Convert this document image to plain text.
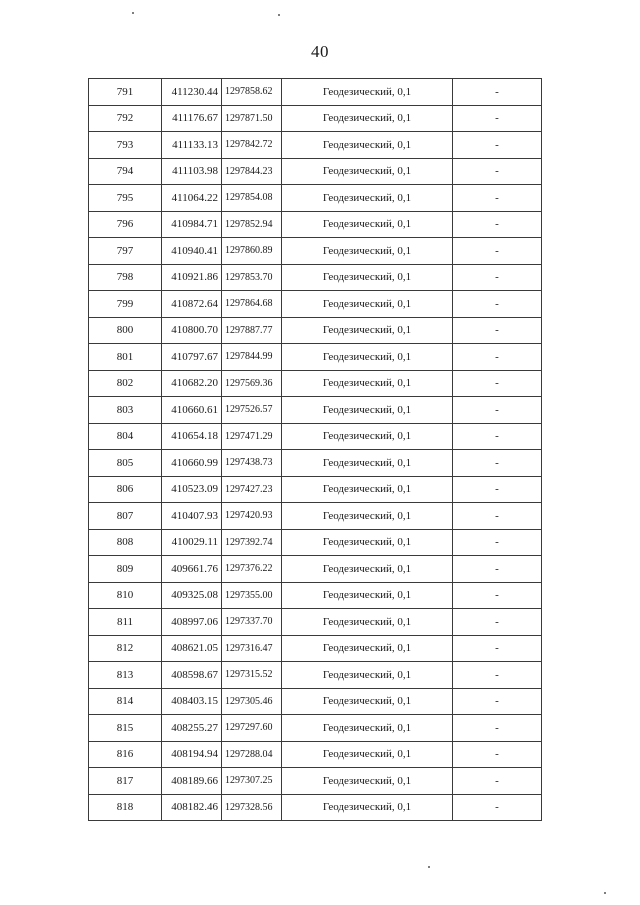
40
791	411230.44	1297858.62	Геодезический, 0,1	-
792	411176.67	1297871.50	Геодезический, 0,1	-
793	411133.13	1297842.72	Геодезический, 0,1	-
794	411103.98	1297844.23	Геодезический, 0,1	-
795	411064.22	1297854.08	Геодезический, 0,1	-
796	410984.71	1297852.94	Геодезический, 0,1	-
797	410940.41	1297860.89	Геодезический, 0,1	-
798	410921.86	1297853.70	Геодезический, 0,1	-
799	410872.64	1297864.68	Геодезический, 0,1	-
800	410800.70	1297887.77	Геодезический, 0,1	-
801	410797.67	1297844.99	Геодезический, 0,1	-
802	410682.20	1297569.36	Геодезический, 0,1	-
803	410660.61	1297526.57	Геодезический, 0,1	-
804	410654.18	1297471.29	Геодезический, 0,1	-
805	410660.99	1297438.73	Геодезический, 0,1	-
806	410523.09	1297427.23	Геодезический, 0,1	-
807	410407.93	1297420.93	Геодезический, 0,1	-
808	410029.11	1297392.74	Геодезический, 0,1	-
809	409661.76	1297376.22	Геодезический, 0,1	-
810	409325.08	1297355.00	Геодезический, 0,1	-
811	408997.06	1297337.70	Геодезический, 0,1	-
812	408621.05	1297316.47	Геодезический, 0,1	-
813	408598.67	1297315.52	Геодезический, 0,1	-
814	408403.15	1297305.46	Геодезический, 0,1	-
815	408255.27	1297297.60	Геодезический, 0,1	-
816	408194.94	1297288.04	Геодезический, 0,1	-
817	408189.66	1297307.25	Геодезический, 0,1	-
818	408182.46	1297328.56	Геодезический, 0,1	-
